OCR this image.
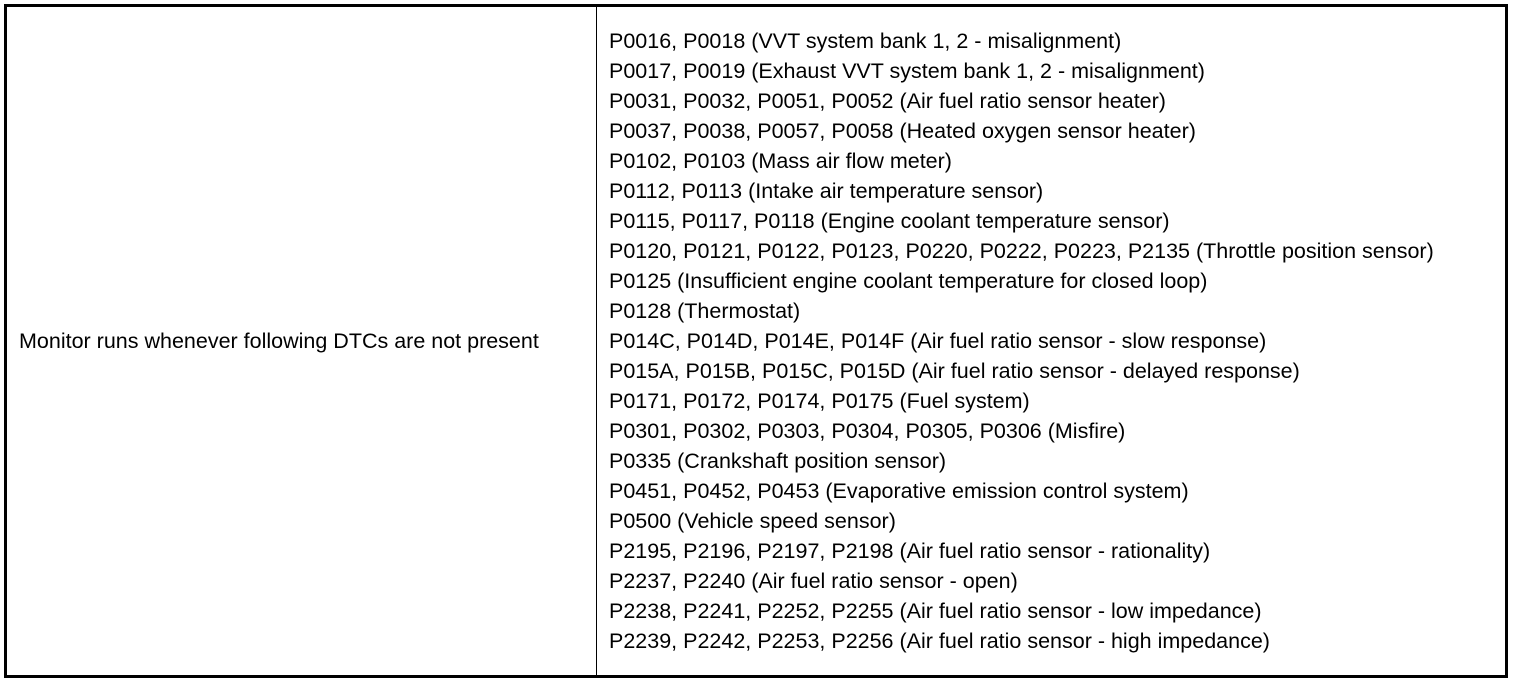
Monitor runs whenever following DTCs are not present

P0016, P0018 (VVT system bank 1, 2 - misalignment)
P0017, P0019 (Exhaust VVT system bank 1, 2 - misalignment)
P0031, P0032, P0051, P0052 (Air fuel ratio sensor heater)
P0037, P0038, P0057, P0058 (Heated oxygen sensor heater)
P0102, P0103 (Mass air flow meter)
P0112, P0113 (Intake air temperature sensor)
P0115, P0117, P0118 (Engine coolant temperature sensor)
P0120, P0121, P0122, P0123, P0220, P0222, P0223, P2135 (Throttle position sensor)
P0125 (Insufficient engine coolant temperature for closed loop)
P0128 (Thermostat)
P014C, P014D, P014E, P014F (Air fuel ratio sensor - slow response)
P015A, P015B, P015C, P015D (Air fuel ratio sensor - delayed response)
P0171, P0172, P0174, P0175 (Fuel system)
P0301, P0302, P0303, P0304, P0305, P0306 (Misfire)
P0335 (Crankshaft position sensor)
P0451, P0452, P0453 (Evaporative emission control system)
P0500 (Vehicle speed sensor)
P2195, P2196, P2197, P2198 (Air fuel ratio sensor - rationality)
P2237, P2240 (Air fuel ratio sensor - open)
P2238, P2241, P2252, P2255 (Air fuel ratio sensor - low impedance)
P2239, P2242, P2253, P2256 (Air fuel ratio sensor - high impedance)
